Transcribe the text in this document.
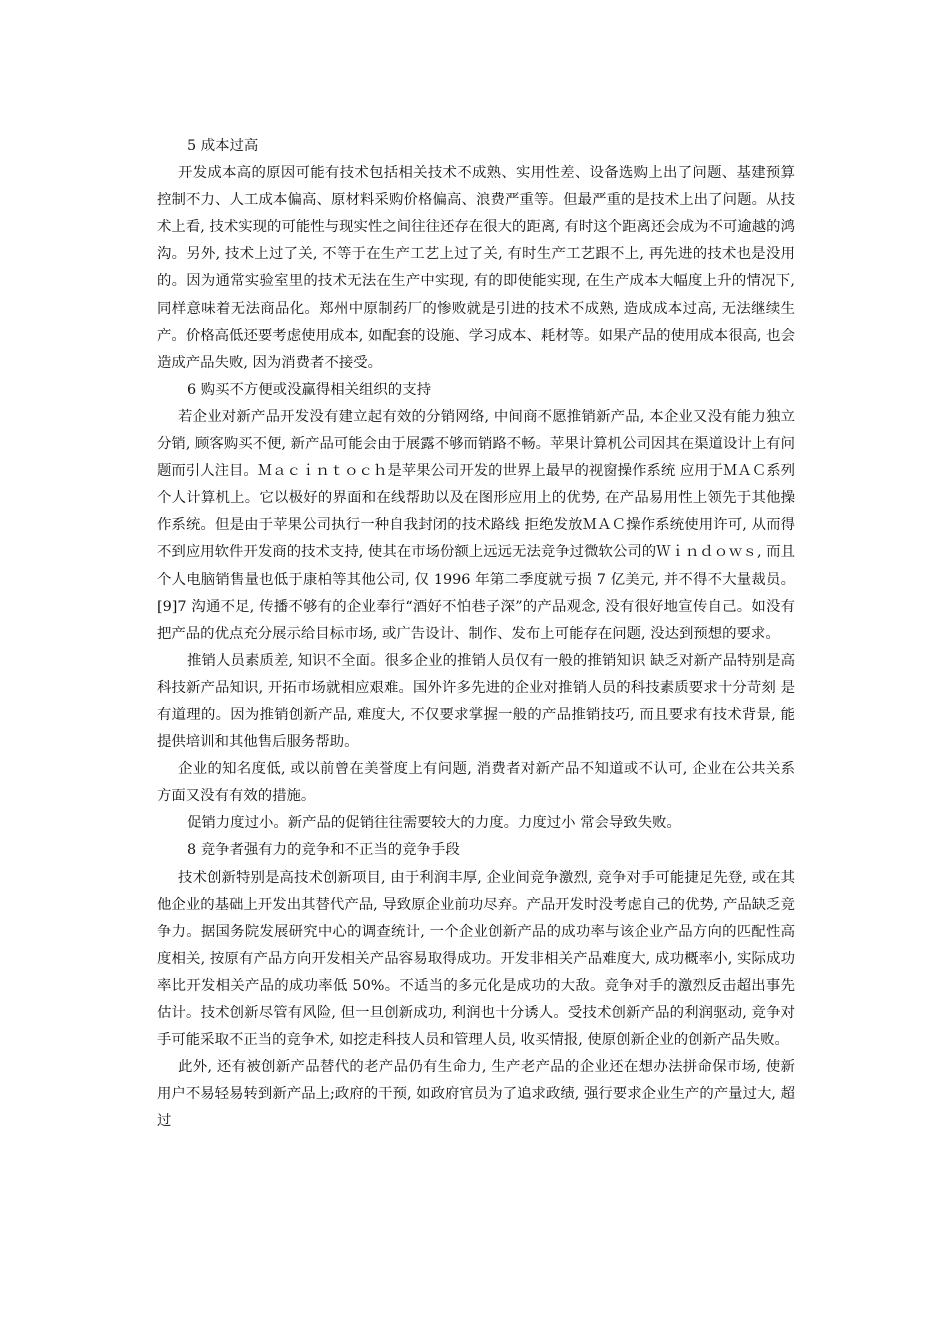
5 成本过高

开发成本高的原因可能有技术包括相关技术不成熟、实用性差、设备选购上出了问题、基建预算控制不力、人工成本偏高、原材料采购价格偏高、浪费严重等。但最严重的是技术上出了问题。从技术上看, 技术实现的可能性与现实性之间往往还存在很大的距离, 有时这个距离还会成为不可逾越的鸿沟。另外, 技术上过了关, 不等于在生产工艺上过了关, 有时生产工艺跟不上, 再先进的技术也是没用的。因为通常实验室里的技术无法在生产中实现, 有的即使能实现, 在生产成本大幅度上升的情况下, 同样意味着无法商品化。郑州中原制药厂的惨败就是引进的技术不成熟, 造成成本过高, 无法继续生产。价格高低还要考虑使用成本, 如配套的设施、学习成本、耗材等。如果产品的使用成本很高, 也会造成产品失败, 因为消费者不接受。

6 购买不方便或没赢得相关组织的支持

若企业对新产品开发没有建立起有效的分销网络, 中间商不愿推销新产品, 本企业又没有能力独立分销, 顾客购买不便, 新产品可能会由于展露不够而销路不畅。苹果计算机公司因其在渠道设计上有问题而引人注目。Ｍａｃｉｎｔｏｃｈ是苹果公司开发的世界上最早的视窗操作系统 应用于ＭＡＣ系列个人计算机上。它以极好的界面和在线帮助以及在图形应用上的优势, 在产品易用性上领先于其他操作系统。但是由于苹果公司执行一种自我封闭的技术路线 拒绝发放ＭＡＣ操作系统使用许可, 从而得不到应用软件开发商的技术支持, 使其在市场份额上远远无法竞争过微软公司的Ｗｉｎｄｏｗｓ, 而且个人电脑销售量也低于康柏等其他公司, 仅 1996 年第二季度就亏损 7 亿美元, 并不得不大量裁员。[9]7 沟通不足, 传播不够有的企业奉行“酒好不怕巷子深”的产品观念, 没有很好地宣传自己。如没有把产品的优点充分展示给目标市场, 或广告设计、制作、发布上可能存在问题, 没达到预想的要求。

推销人员素质差, 知识不全面。很多企业的推销人员仅有一般的推销知识 缺乏对新产品特别是高科技新产品知识, 开拓市场就相应艰难。国外许多先进的企业对推销人员的科技素质要求十分苛刻 是有道理的。因为推销创新产品, 难度大, 不仅要求掌握一般的产品推销技巧, 而且要求有技术背景, 能提供培训和其他售后服务帮助。

企业的知名度低, 或以前曾在美誉度上有问题, 消费者对新产品不知道或不认可, 企业在公共关系方面又没有有效的措施。

促销力度过小。新产品的促销往往需要较大的力度。力度过小 常会导致失败。

8 竞争者强有力的竞争和不正当的竞争手段

技术创新特别是高技术创新项目, 由于利润丰厚, 企业间竞争激烈, 竞争对手可能捷足先登, 或在其他企业的基础上开发出其替代产品, 导致原企业前功尽弃。产品开发时没考虑自己的优势, 产品缺乏竞争力。据国务院发展研究中心的调查统计, 一个企业创新产品的成功率与该企业产品方向的匹配性高度相关, 按原有产品方向开发相关产品容易取得成功。开发非相关产品难度大, 成功概率小, 实际成功率比开发相关产品的成功率低 50%。不适当的多元化是成功的大敌。竞争对手的激烈反击超出事先估计。技术创新尽管有风险, 但一旦创新成功, 利润也十分诱人。受技术创新产品的利润驱动, 竞争对手可能采取不正当的竞争术, 如挖走科技人员和管理人员, 收买情报, 使原创新企业的创新产品失败。

此外, 还有被创新产品替代的老产品仍有生命力, 生产老产品的企业还在想办法拼命保市场, 使新用户不易轻易转到新产品上;政府的干预, 如政府官员为了追求政绩, 强行要求企业生产的产量过大, 超过
